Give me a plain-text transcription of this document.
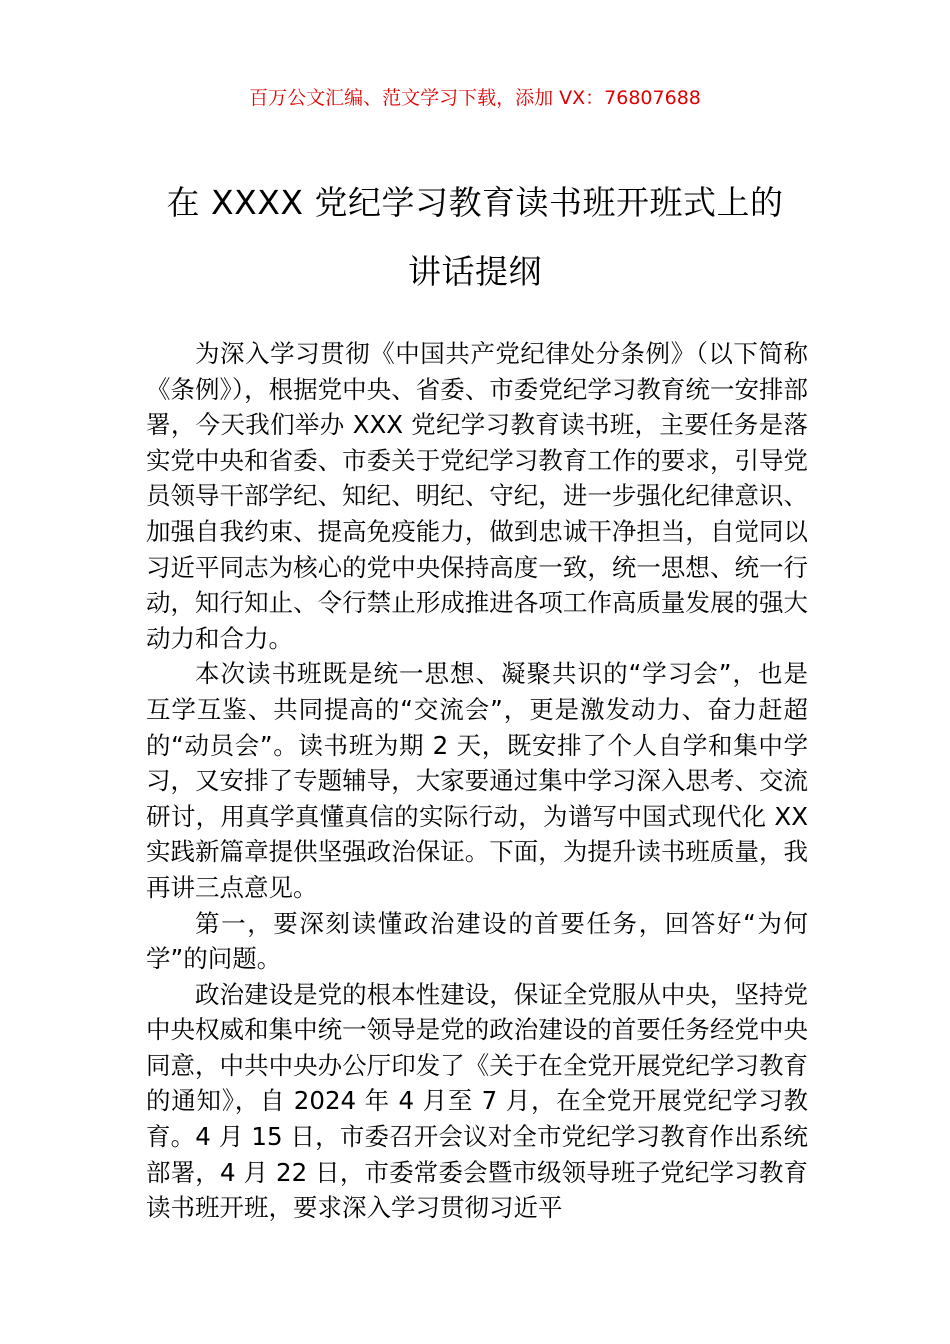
百万公文汇编、范文学习下载，添加 VX：76807688
在 XXXX 党纪学习教育读书班开班式上的
讲话提纲

为深入学习贯彻《中国共产党纪律处分条例》（以下简称《条例》），根据党中央、省委、市委党纪学习教育统一安排部署，今天我们举办 XXX 党纪学习教育读书班，主要任务是落实党中央和省委、市委关于党纪学习教育工作的要求，引导党员领导干部学纪、知纪、明纪、守纪，进一步强化纪律意识、加强自我约束、提高免疫能力，做到忠诚干净担当，自觉同以习近平同志为核心的党中央保持高度一致，统一思想、统一行动，知行知止、令行禁止形成推进各项工作高质量发展的强大动力和合力。

本次读书班既是统一思想、凝聚共识的“学习会”，也是互学互鉴、共同提高的“交流会”，更是激发动力、奋力赶超的“动员会”。读书班为期 2 天，既安排了个人自学和集中学习，又安排了专题辅导，大家要通过集中学习深入思考、交流研讨，用真学真懂真信的实际行动，为谱写中国式现代化 XX 实践新篇章提供坚强政治保证。下面，为提升读书班质量，我再讲三点意见。

第一，要深刻读懂政治建设的首要任务，回答好“为何学”的问题。

政治建设是党的根本性建设，保证全党服从中央，坚持党中央权威和集中统一领导是党的政治建设的首要任务经党中央同意，中共中央办公厅印发了《关于在全党开展党纪学习教育的通知》，自 2024 年 4 月至 7 月，在全党开展党纪学习教育。4 月 15 日，市委召开会议对全市党纪学习教育作出系统部署，4 月 22 日，市委常委会暨市级领导班子党纪学习教育读书班开班，要求深入学习贯彻习近平
